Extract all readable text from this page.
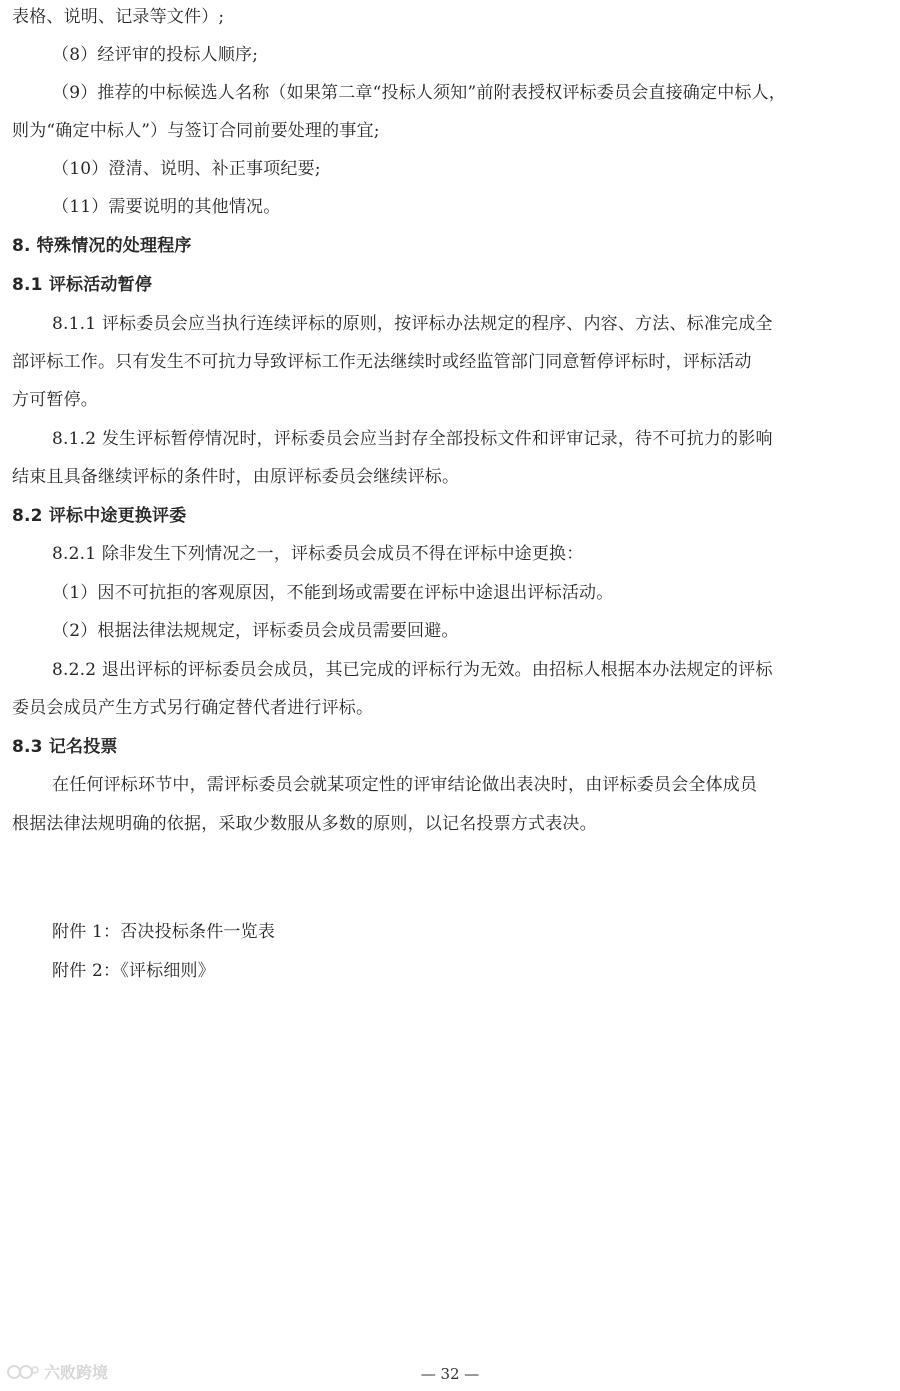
表格、说明、记录等文件）;
（8）经评审的投标人顺序;
（9）推荐的中标候选人名称（如果第二章“投标人须知”前附表授权评标委员会直接确定中标人，
则为“确定中标人”）与签订合同前要处理的事宜;
（10）澄清、说明、补正事项纪要;
（11）需要说明的其他情况。
8. 特殊情况的处理程序
8.1 评标活动暂停
8.1.1 评标委员会应当执行连续评标的原则，按评标办法规定的程序、内容、方法、标准完成全
部评标工作。只有发生不可抗力导致评标工作无法继续时或经监管部门同意暂停评标时，评标活动
方可暂停。
8.1.2 发生评标暂停情况时，评标委员会应当封存全部投标文件和评审记录，待不可抗力的影响
结束且具备继续评标的条件时，由原评标委员会继续评标。
8.2 评标中途更换评委
8.2.1 除非发生下列情况之一，评标委员会成员不得在评标中途更换：
（1）因不可抗拒的客观原因，不能到场或需要在评标中途退出评标活动。
（2）根据法律法规规定，评标委员会成员需要回避。
8.2.2 退出评标的评标委员会成员，其已完成的评标行为无效。由招标人根据本办法规定的评标
委员会成员产生方式另行确定替代者进行评标。
8.3 记名投票
在任何评标环节中，需评标委员会就某项定性的评审结论做出表决时，由评标委员会全体成员
根据法律法规明确的依据，采取少数服从多数的原则，以记名投票方式表决。
附件 1：否决投标条件一览表
附件 2：《评标细则》
六败跨境	— 32 —
